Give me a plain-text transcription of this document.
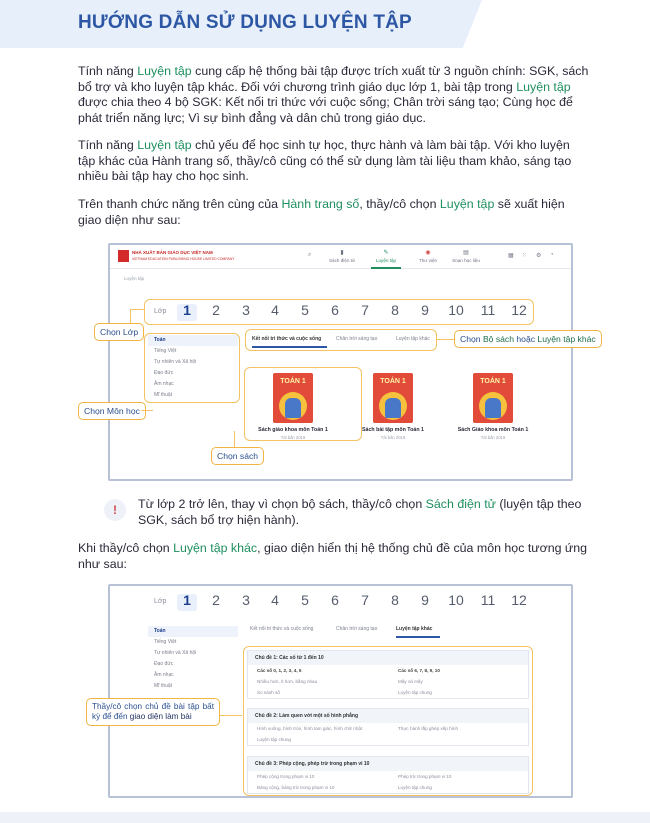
HƯỚNG DẪN SỬ DỤNG LUYỆN TẬP
Tính năng Luyện tập cung cấp hệ thống bài tập được trích xuất từ 3 nguồn chính: SGK, sách bổ trợ và kho luyện tập khác. Đối với chương trình giáo dục lớp 1, bài tập trong Luyện tập được chia theo 4 bộ SGK: Kết nối tri thức với cuộc sống; Chân trời sáng tạo; Cùng học để phát triển năng lực; Vì sự bình đẳng và dân chủ trong giáo dục.
Tính năng Luyện tập chủ yếu để học sinh tự học, thực hành và làm bài tập. Với kho luyện tập khác của Hành trang số, thầy/cô cũng có thể sử dụng làm tài liệu tham khảo, sáng tạo nhiều bài tập hay cho học sinh.
Trên thanh chức năng trên cùng của Hành trang số, thầy/cô chọn Luyện tập sẽ xuất hiện giao diện như sau:
NHÀ XUẤT BẢN GIÁO DỤC VIỆT NAM
VIETNAM EDUCATION PUBLISHING HOUSE LIMITED COMPANY
⌕	▮
Sách điện tử
✎
Luyện tập
◉
Thư viện
▤
Soạn học liệu
▦ ⁙ ⚙ ◔
Luyện tập
Lớp	1	2	3	4	5	6	7	8	9	10 11 12
Toán
Tiếng Việt
Tự nhiên và Xã hội
Đạo đức
Âm nhạc
Mĩ thuật
Kết nối tri thức và cuộc sống	Chân trời sáng tạo	Luyện tập khác
TOÁN 1
Sách giáo khoa môn Toán 1
Tái bản 2019
TOÁN 1
Sách bài tập môn Toán 1
Tái bản 2019
TOÁN 1
Sách Giáo khoa môn Toán 1
Tái bản 2019
Chọn Lớp
Chọn Môn học
Chọn sách
Chọn Bộ sách hoặc Luyện tập khác
!	Từ lớp 2 trở lên, thay vì chọn bộ sách, thầy/cô chọn Sách điện tử (luyện tập theo SGK, sách bổ trợ hiện hành).
Khi thầy/cô chọn Luyện tập khác, giao diện hiển thị hệ thống chủ đề của môn học tương ứng như sau:
Lớp	1	2	3	4	5	6	7	8	9	10 11 12
Toán
Tiếng Việt
Tự nhiên và Xã hội
Đạo đức
Âm nhạc
Mĩ thuật
Kết nối tri thức và cuộc sống	Chân trời sáng tạo	Luyện tập khác
Chủ đề 1: Các số từ 1 đến 10
Các số 0, 1, 2, 3, 4, 5	Các số 6, 7, 8, 9, 10
Nhiều hơn, ít hơn, bằng nhau	Mấy và mấy
So sánh số	Luyện tập chung
Chủ đề 2: Làm quen với một số hình phẳng
Hình vuông, hình tròn, hình tam giác, hình chữ nhật	Thực hành lắp ghép xếp hình
Luyện tập chung
Chủ đề 3: Phép cộng, phép trừ trong phạm vi 10
Phép cộng trong phạm vi 10	Phép trừ trong phạm vi 10
Bảng cộng, bảng trừ trong phạm vi 10	Luyện tập chung
Thầy/cô chọn chủ đề bài tập bất kỳ để đến giao diện làm bài
